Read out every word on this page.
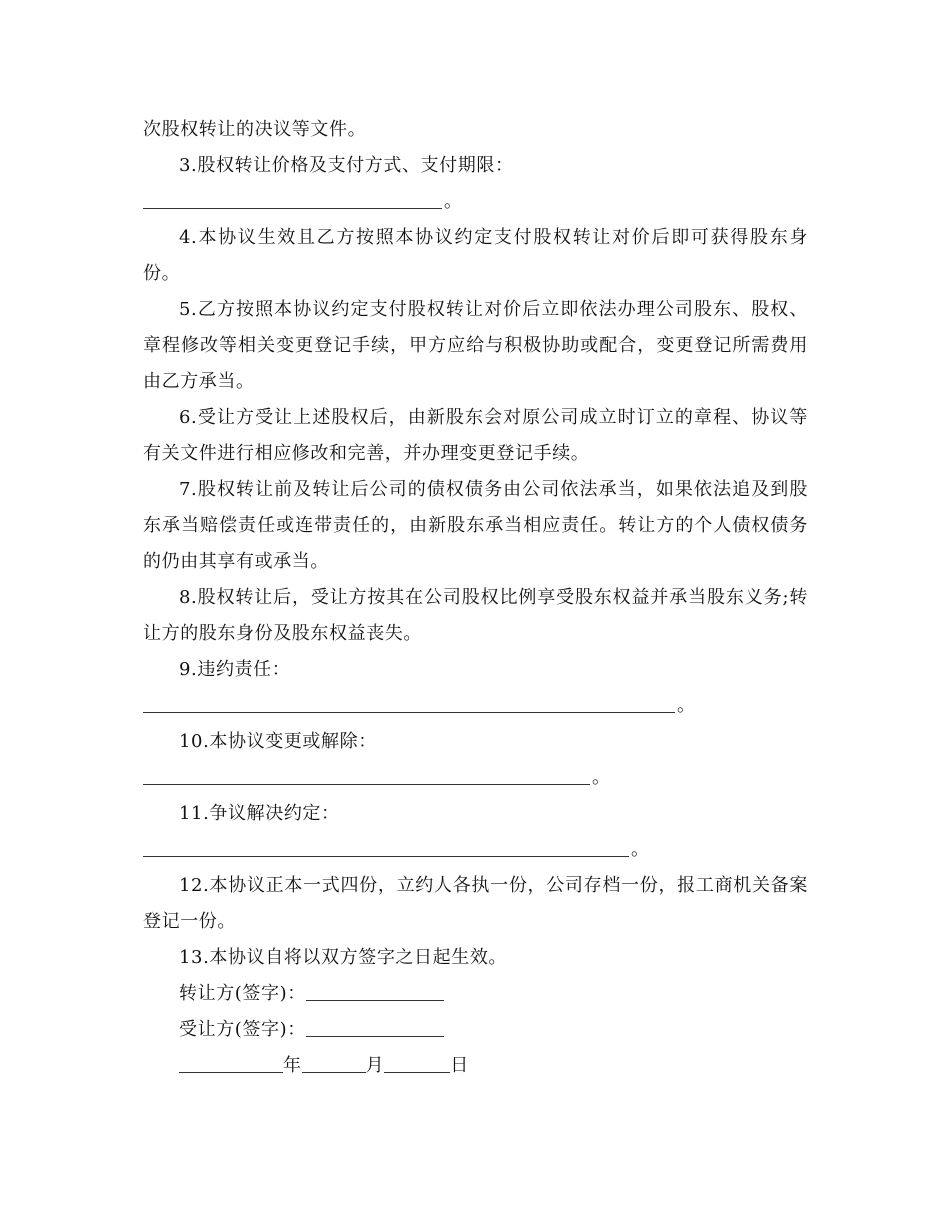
次股权转让的决议等文件。

3.股权转让价格及支付方式、支付期限：

。

4.本协议生效且乙方按照本协议约定支付股权转让对价后即可获得股东身份。

5.乙方按照本协议约定支付股权转让对价后立即依法办理公司股东、股权、章程修改等相关变更登记手续，甲方应给与积极协助或配合，变更登记所需费用由乙方承当。

6.受让方受让上述股权后，由新股东会对原公司成立时订立的章程、协议等有关文件进行相应修改和完善，并办理变更登记手续。

7.股权转让前及转让后公司的债权债务由公司依法承当，如果依法追及到股东承当赔偿责任或连带责任的，由新股东承当相应责任。转让方的个人债权债务的仍由其享有或承当。

8.股权转让后，受让方按其在公司股权比例享受股东权益并承当股东义务;转让方的股东身份及股东权益丧失。

9.违约责任：

。

10.本协议变更或解除：

。

11.争议解决约定：

。

12.本协议正本一式四份，立约人各执一份，公司存档一份，报工商机关备案登记一份。

13.本协议自将以双方签字之日起生效。

转让方(签字)：
受让方(签字)：
年	月	日
